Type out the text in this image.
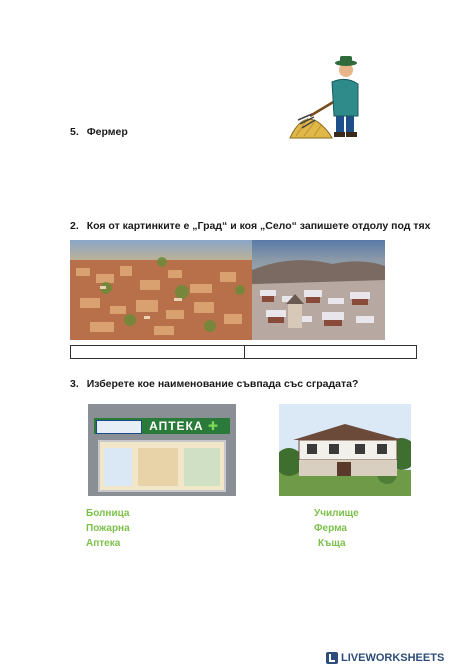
5. Фермер
2. Коя от картинките е „Град“ и коя „Село“ запишете отдолу под тях
3. Изберете кое наименование съвпада със сградата?
АПТЕКА ✚
Болница
Пожарна
Аптека
Училище
Ферма
Къща
LIVEWORKSHEETS
